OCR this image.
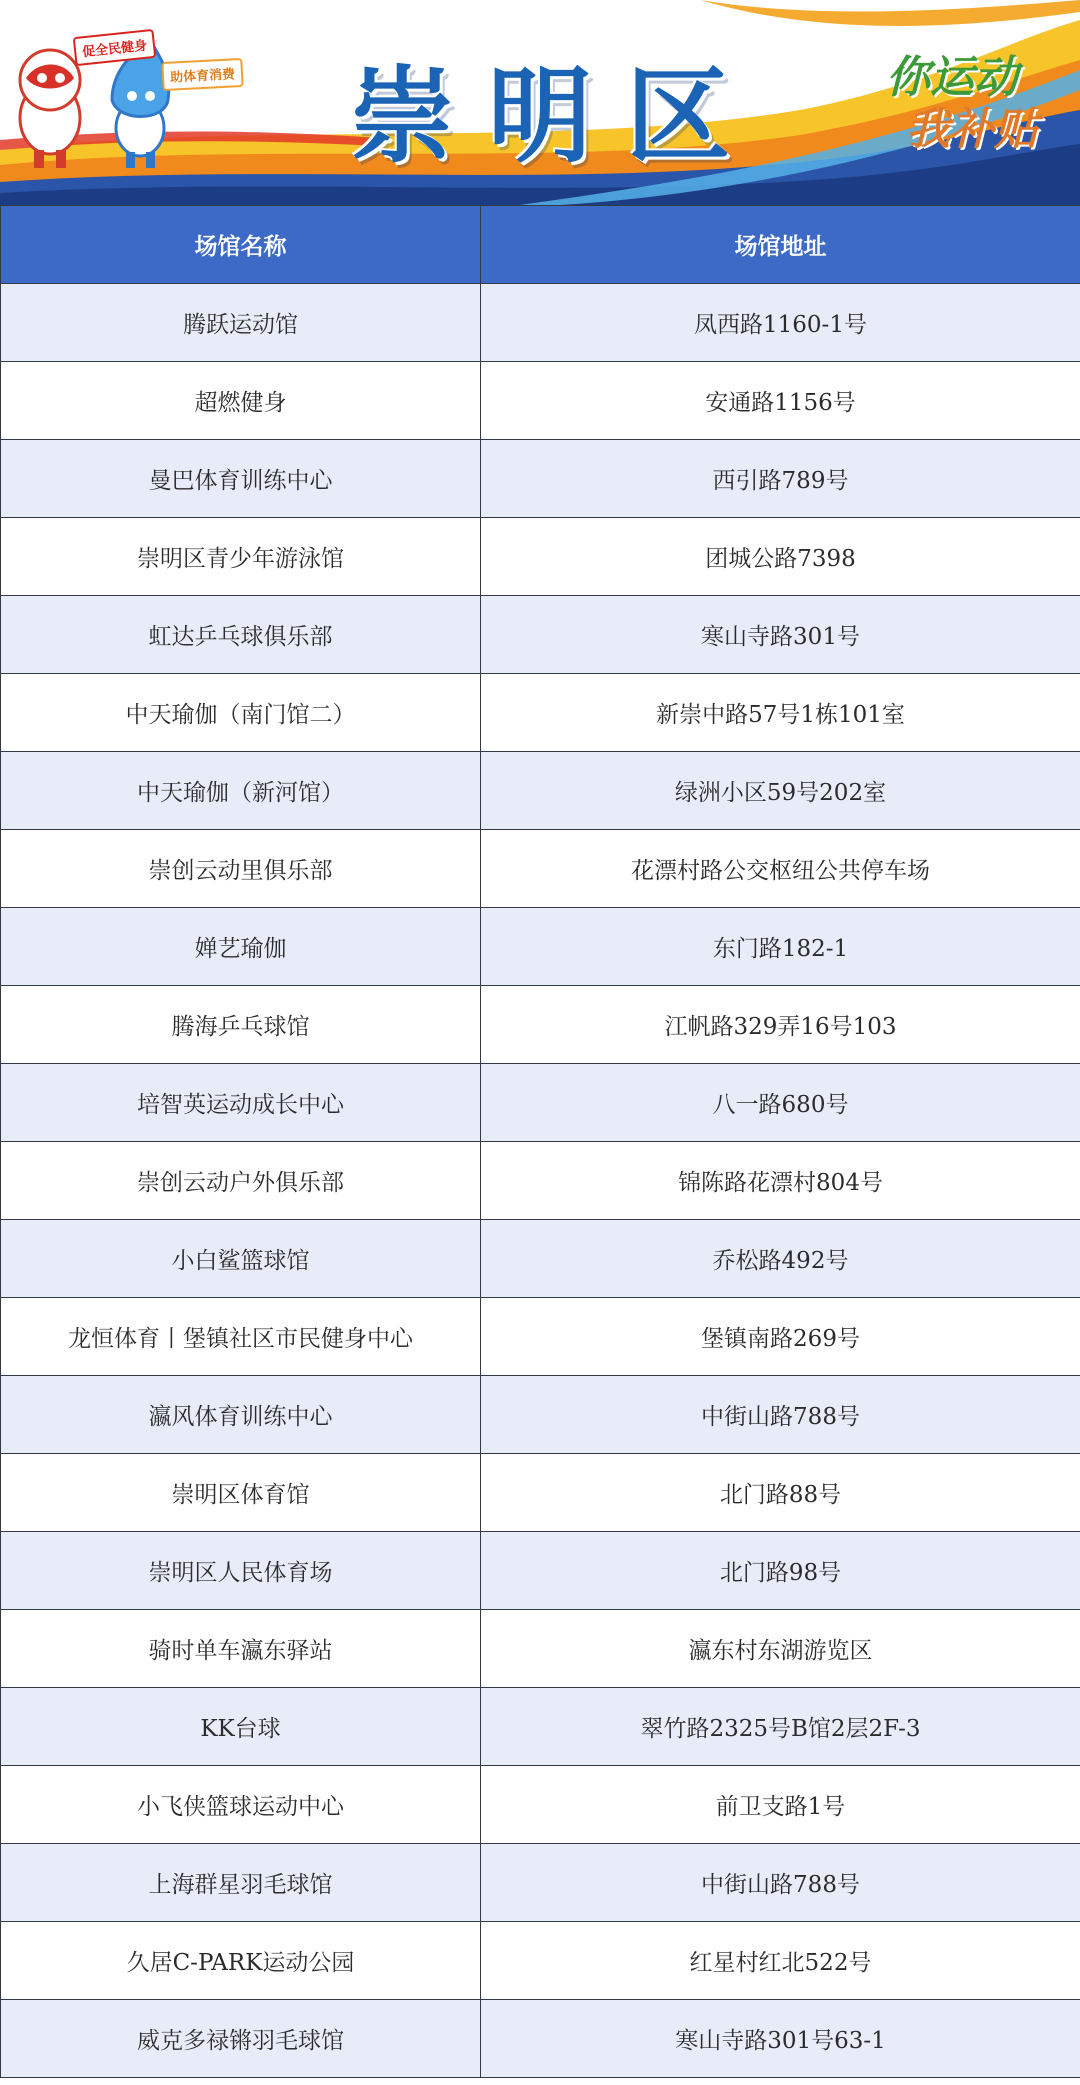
促全民健身
助体育消费	崇明区	你运动
我补贴
场馆名称	场馆地址
腾跃运动馆	凤西路1160-1号
超燃健身	安通路1156号
曼巴体育训练中心	西引路789号
崇明区青少年游泳馆	团城公路7398
虹达乒乓球俱乐部	寒山寺路301号
中天瑜伽（南门馆二）	新崇中路57号1栋101室
中天瑜伽（新河馆）	绿洲小区59号202室
崇创云动里俱乐部	花漂村路公交枢纽公共停车场
婵艺瑜伽	东门路182-1
腾海乒乓球馆	江帆路329弄16号103
培智英运动成长中心	八一路680号
崇创云动户外俱乐部	锦陈路花漂村804号
小白鲨篮球馆	乔松路492号
龙恒体育丨堡镇社区市民健身中心	堡镇南路269号
瀛风体育训练中心	中街山路788号
崇明区体育馆	北门路88号
崇明区人民体育场	北门路98号
骑时单车瀛东驿站	瀛东村东湖游览区
KK台球	翠竹路2325号B馆2层2F-3
小飞侠篮球运动中心	前卫支路1号
上海群星羽毛球馆	中街山路788号
久居C-PARK运动公园	红星村红北522号
威克多禄锵羽毛球馆	寒山寺路301号63-1
